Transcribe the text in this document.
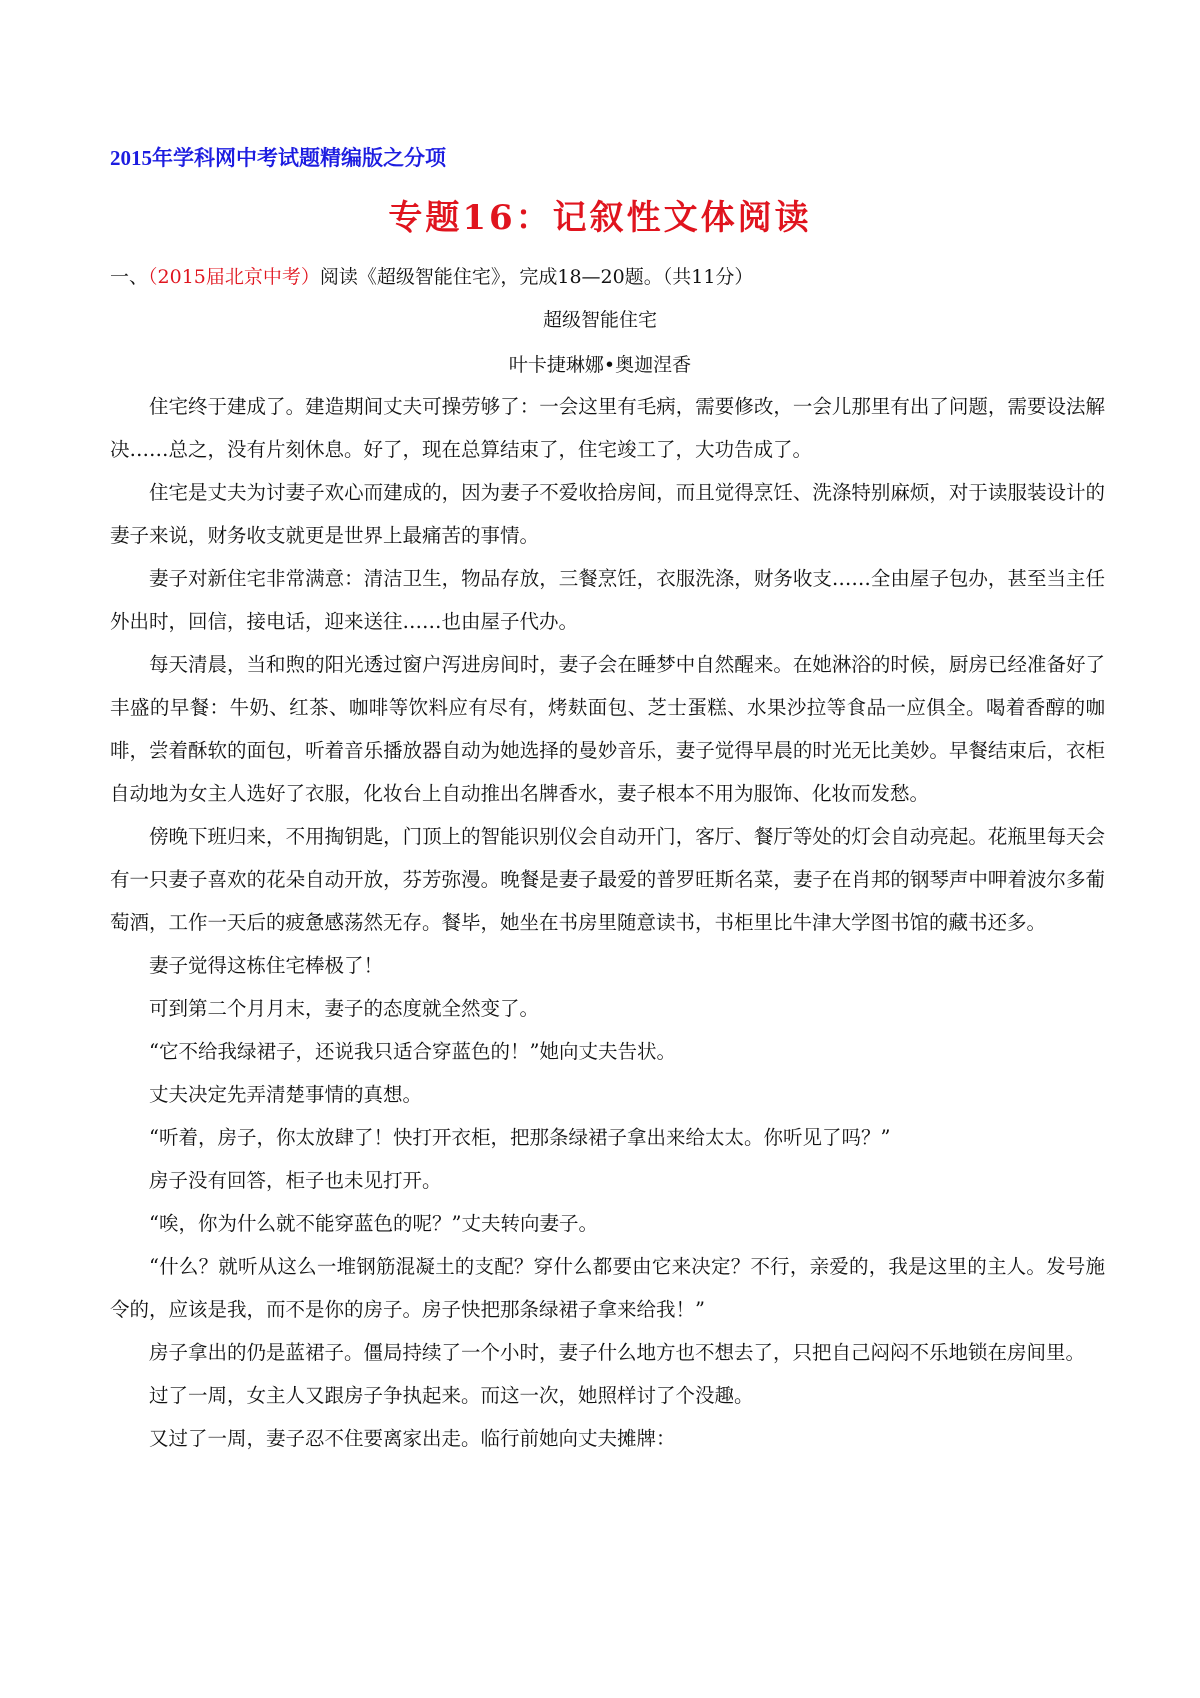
2015年学科网中考试题精编版之分项
专题16：记叙性文体阅读
一、（2015届北京中考）阅读《超级智能住宅》，完成18—20题。（共11分）
超级智能住宅
叶卡捷琳娜•奥迦涅香

住宅终于建成了。建造期间丈夫可操劳够了：一会这里有毛病，需要修改，一会儿那里有出了问题，需要设法解决……总之，没有片刻休息。好了，现在总算结束了，住宅竣工了，大功告成了。

住宅是丈夫为讨妻子欢心而建成的，因为妻子不爱收拾房间，而且觉得烹饪、洗涤特别麻烦，对于读服装设计的妻子来说，财务收支就更是世界上最痛苦的事情。

妻子对新住宅非常满意：清洁卫生，物品存放，三餐烹饪，衣服洗涤，财务收支……全由屋子包办，甚至当主任外出时，回信，接电话，迎来送往……也由屋子代办。

每天清晨，当和煦的阳光透过窗户泻进房间时，妻子会在睡梦中自然醒来。在她淋浴的时候，厨房已经准备好了丰盛的早餐：牛奶、红茶、咖啡等饮料应有尽有，烤麸面包、芝士蛋糕、水果沙拉等食品一应俱全。喝着香醇的咖啡，尝着酥软的面包，听着音乐播放器自动为她选择的曼妙音乐，妻子觉得早晨的时光无比美妙。早餐结束后，衣柜自动地为女主人选好了衣服，化妆台上自动推出名牌香水，妻子根本不用为服饰、化妆而发愁。

傍晚下班归来，不用掏钥匙，门顶上的智能识别仪会自动开门，客厅、餐厅等处的灯会自动亮起。花瓶里每天会有一只妻子喜欢的花朵自动开放，芬芳弥漫。晚餐是妻子最爱的普罗旺斯名菜，妻子在肖邦的钢琴声中呷着波尔多葡萄酒，工作一天后的疲惫感荡然无存。餐毕，她坐在书房里随意读书，书柜里比牛津大学图书馆的藏书还多。

妻子觉得这栋住宅棒极了！

可到第二个月月末，妻子的态度就全然变了。

“它不给我绿裙子，还说我只适合穿蓝色的！”她向丈夫告状。

丈夫决定先弄清楚事情的真想。

“听着，房子，你太放肆了！快打开衣柜，把那条绿裙子拿出来给太太。你听见了吗？”

房子没有回答，柜子也未见打开。

“唉，你为什么就不能穿蓝色的呢？”丈夫转向妻子。

“什么？就听从这么一堆钢筋混凝土的支配？穿什么都要由它来决定？不行，亲爱的，我是这里的主人。发号施令的，应该是我，而不是你的房子。房子快把那条绿裙子拿来给我！”

房子拿出的仍是蓝裙子。僵局持续了一个小时，妻子什么地方也不想去了，只把自己闷闷不乐地锁在房间里。

过了一周，女主人又跟房子争执起来。而这一次，她照样讨了个没趣。

又过了一周，妻子忍不住要离家出走。临行前她向丈夫摊牌：
